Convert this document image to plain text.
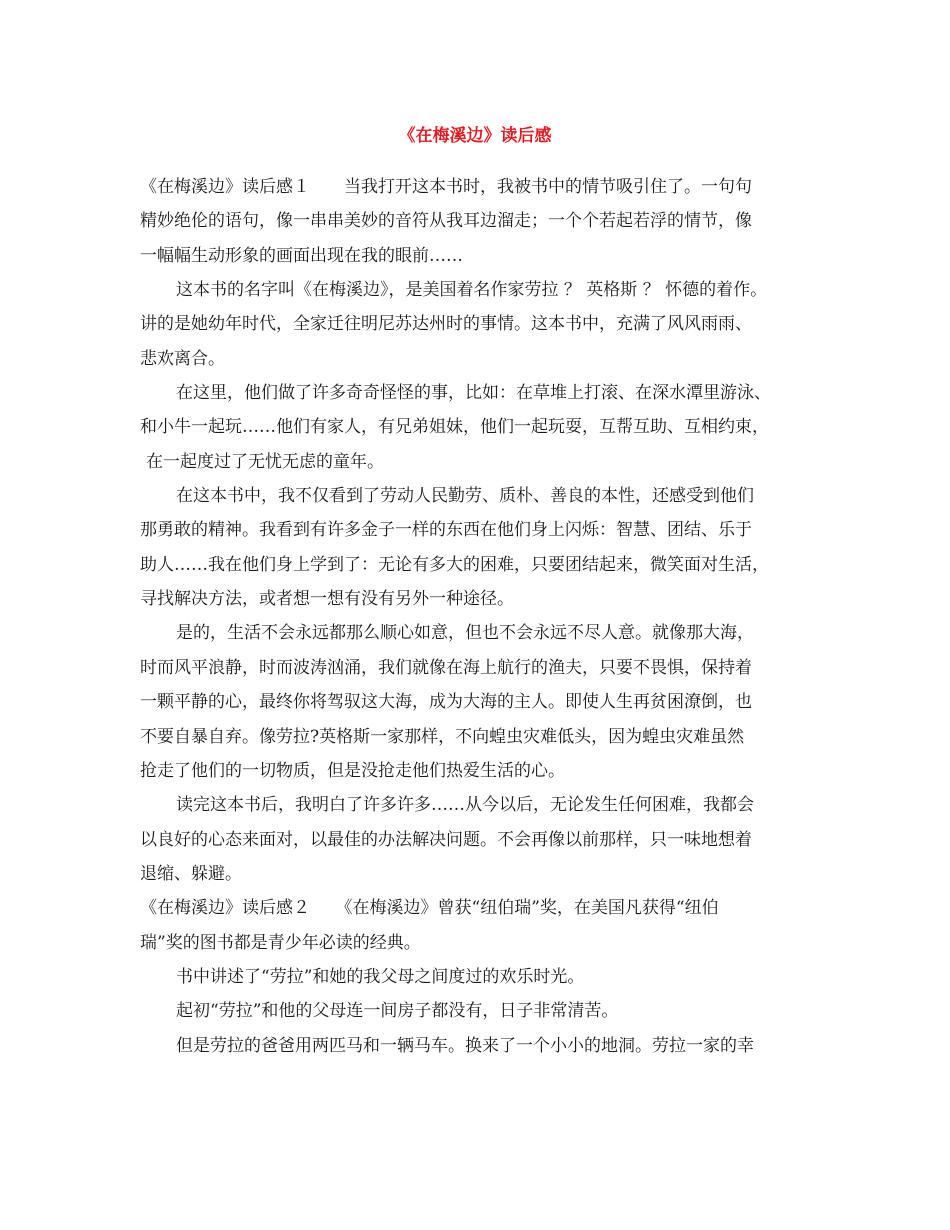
《在梅溪边》读后感
《在梅溪边》读后感１　　当我打开这本书时，我被书中的情节吸引住了。一句句
精妙绝伦的语句，像一串串美妙的音符从我耳边溜走；一个个若起若浮的情节，像
一幅幅生动形象的画面出现在我的眼前……
这本书的名字叫《在梅溪边》，是美国着名作家劳拉 ？ 英格斯 ？ 怀德的着作。
讲的是她幼年时代，全家迁往明尼苏达州时的事情。这本书中，充满了风风雨雨、
悲欢离合。
在这里，他们做了许多奇奇怪怪的事，比如：在草堆上打滚、在深水潭里游泳、
和小牛一起玩……他们有家人，有兄弟姐妹，他们一起玩耍，互帮互助、互相约束，
在一起度过了无忧无虑的童年。
在这本书中，我不仅看到了劳动人民勤劳、质朴、善良的本性，还感受到他们
那勇敢的精神。我看到有许多金子一样的东西在他们身上闪烁：智慧、团结、乐于
助人……我在他们身上学到了：无论有多大的困难，只要团结起来，微笑面对生活，
寻找解决方法，或者想一想有没有另外一种途径。
是的，生活不会永远都那么顺心如意，但也不会永远不尽人意。就像那大海，
时而风平浪静，时而波涛汹涌，我们就像在海上航行的渔夫，只要不畏惧，保持着
一颗平静的心，最终你将驾驭这大海，成为大海的主人。即使人生再贫困潦倒，也
不要自暴自弃。像劳拉?英格斯一家那样，不向蝗虫灾难低头，因为蝗虫灾难虽然
抢走了他们的一切物质，但是没抢走他们热爱生活的心。
读完这本书后，我明白了许多许多……从今以后，无论发生任何困难，我都会
以良好的心态来面对，以最佳的办法解决问题。不会再像以前那样，只一味地想着
退缩、躲避。
《在梅溪边》读后感２　　《在梅溪边》曾获“纽伯瑞”奖，在美国凡获得“纽伯
瑞”奖的图书都是青少年必读的经典。
书中讲述了“劳拉”和她的我父母之间度过的欢乐时光。
起初“劳拉”和他的父母连一间房子都没有，日子非常清苦。
但是劳拉的爸爸用两匹马和一辆马车。换来了一个小小的地洞。劳拉一家的幸
